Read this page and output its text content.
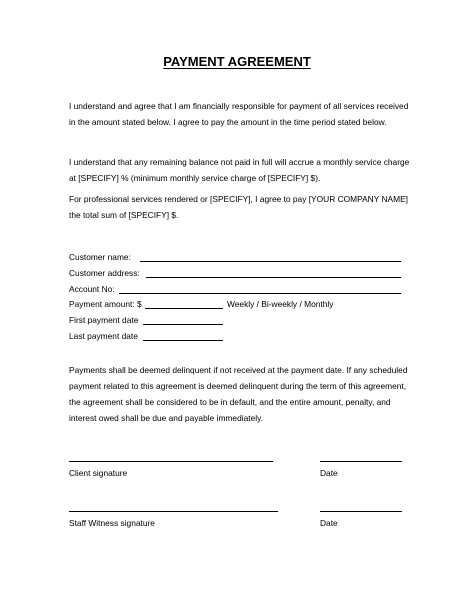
PAYMENT AGREEMENT

I understand and agree that I am financially responsible for payment of all services received in the amount stated below. I agree to pay the amount in the time period stated below.

I understand that any remaining balance not paid in full will accrue a monthly service charge at [SPECIFY] % (minimum monthly service charge of [SPECIFY] $).

For professional services rendered or [SPECIFY], I agree to pay [YOUR COMPANY NAME] the total sum of [SPECIFY] $.

Customer name:
Customer address:
Account No:
Payment amount: $	Weekly / Bi-weekly / Monthly
First payment date
Last payment date

Payments shall be deemed delinquent if not received at the payment date. If any scheduled payment related to this agreement is deemed delinquent during the term of this agreement, the agreement shall be considered to be in default, and the entire amount, penalty, and interest owed shall be due and payable immediately.

Client signature	Date
Staff Witness signature	Date
